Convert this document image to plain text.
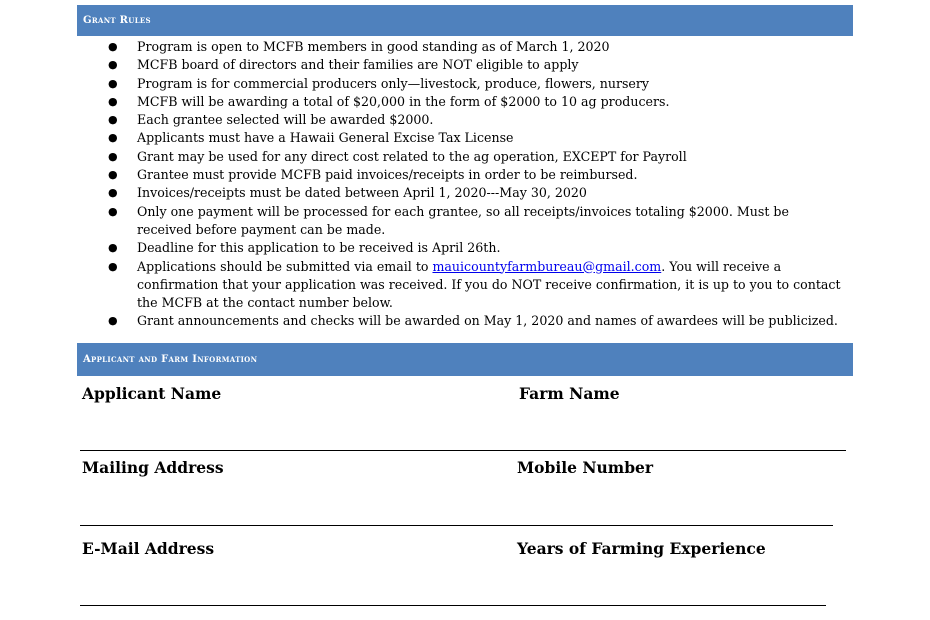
Grant Rules
● Program is open to MCFB members in good standing as of March 1, 2020
● MCFB board of directors and their families are NOT eligible to apply
● Program is for commercial producers only—livestock, produce, flowers, nursery
● MCFB will be awarding a total of $20,000 in the form of $2000 to 10 ag producers.
● Each grantee selected will be awarded $2000.
● Applicants must have a Hawaii General Excise Tax License
● Grant may be used for any direct cost related to the ag operation, EXCEPT for Payroll
● Grantee must provide MCFB paid invoices/receipts in order to be reimbursed.
● Invoices/receipts must be dated between April 1, 2020---May 30, 2020
● Only one payment will be processed for each grantee, so all receipts/invoices totaling $2000. Must be
received before payment can be made.
● Deadline for this application to be received is April 26th.
● Applications should be submitted via email to mauicountyfarmbureau@gmail.com. You will receive a
confirmation that your application was received. If you do NOT receive confirmation, it is up to you to contact
the MCFB at the contact number below.
● Grant announcements and checks will be awarded on May 1, 2020 and names of awardees will be publicized.
Applicant and Farm Information
Applicant Name	Farm Name
Mailing Address	Mobile Number
E-Mail Address	Years of Farming Experience
